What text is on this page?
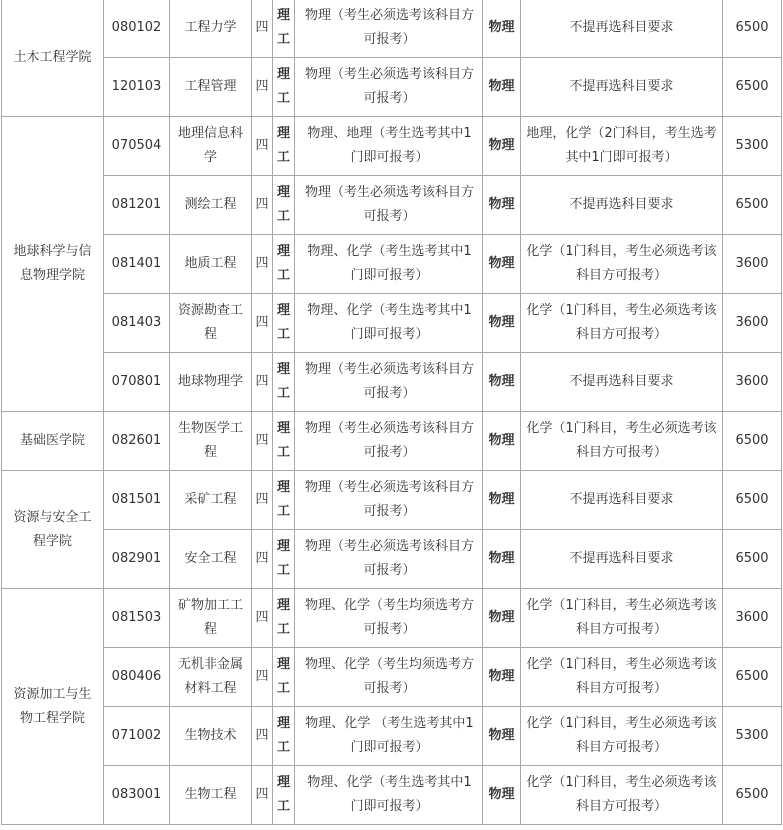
土木工程学院	080102	工程力学	四	理工	物理（考生必须选考该科目方可报考）	物理	不提再选科目要求	6500
	120103	工程管理	四	理工	物理（考生必须选考该科目方可报考）	物理	不提再选科目要求	6500
地球科学与信息物理学院	070504	地理信息科学	四	理工	物理、地理（考生选考其中1门即可报考）	物理	地理，化学（2门科目，考生选考其中1门即可报考）	5300
	081201	测绘工程	四	理工	物理（考生必须选考该科目方可报考）	物理	不提再选科目要求	6500
	081401	地质工程	四	理工	物理、化学（考生选考其中1门即可报考）	物理	化学（1门科目，考生必须选考该科目方可报考）	3600
	081403	资源勘查工程	四	理工	物理、化学（考生选考其中1门即可报考）	物理	化学（1门科目，考生必须选考该科目方可报考）	3600
	070801	地球物理学	四	理工	物理（考生必须选考该科目方可报考）	物理	不提再选科目要求	3600
基础医学院	082601	生物医学工程	四	理工	物理（考生必须选考该科目方可报考）	物理	化学（1门科目，考生必须选考该科目方可报考）	6500
资源与安全工程学院	081501	采矿工程	四	理工	物理（考生必须选考该科目方可报考）	物理	不提再选科目要求	6500
	082901	安全工程	四	理工	物理（考生必须选考该科目方可报考）	物理	不提再选科目要求	6500
资源加工与生物工程学院	081503	矿物加工工程	四	理工	物理、化学（考生均须选考方可报考）	物理	化学（1门科目，考生必须选考该科目方可报考）	3600
	080406	无机非金属材料工程	四	理工	物理、化学（考生均须选考方可报考）	物理	化学（1门科目，考生必须选考该科目方可报考）	6500
	071002	生物技术	四	理工	物理、化学 （考生选考其中1门即可报考）	物理	化学（1门科目，考生必须选考该科目方可报考）	5300
	083001	生物工程	四	理工	物理、化学（考生选考其中1门即可报考）	物理	化学（1门科目，考生必须选考该科目方可报考）	6500
